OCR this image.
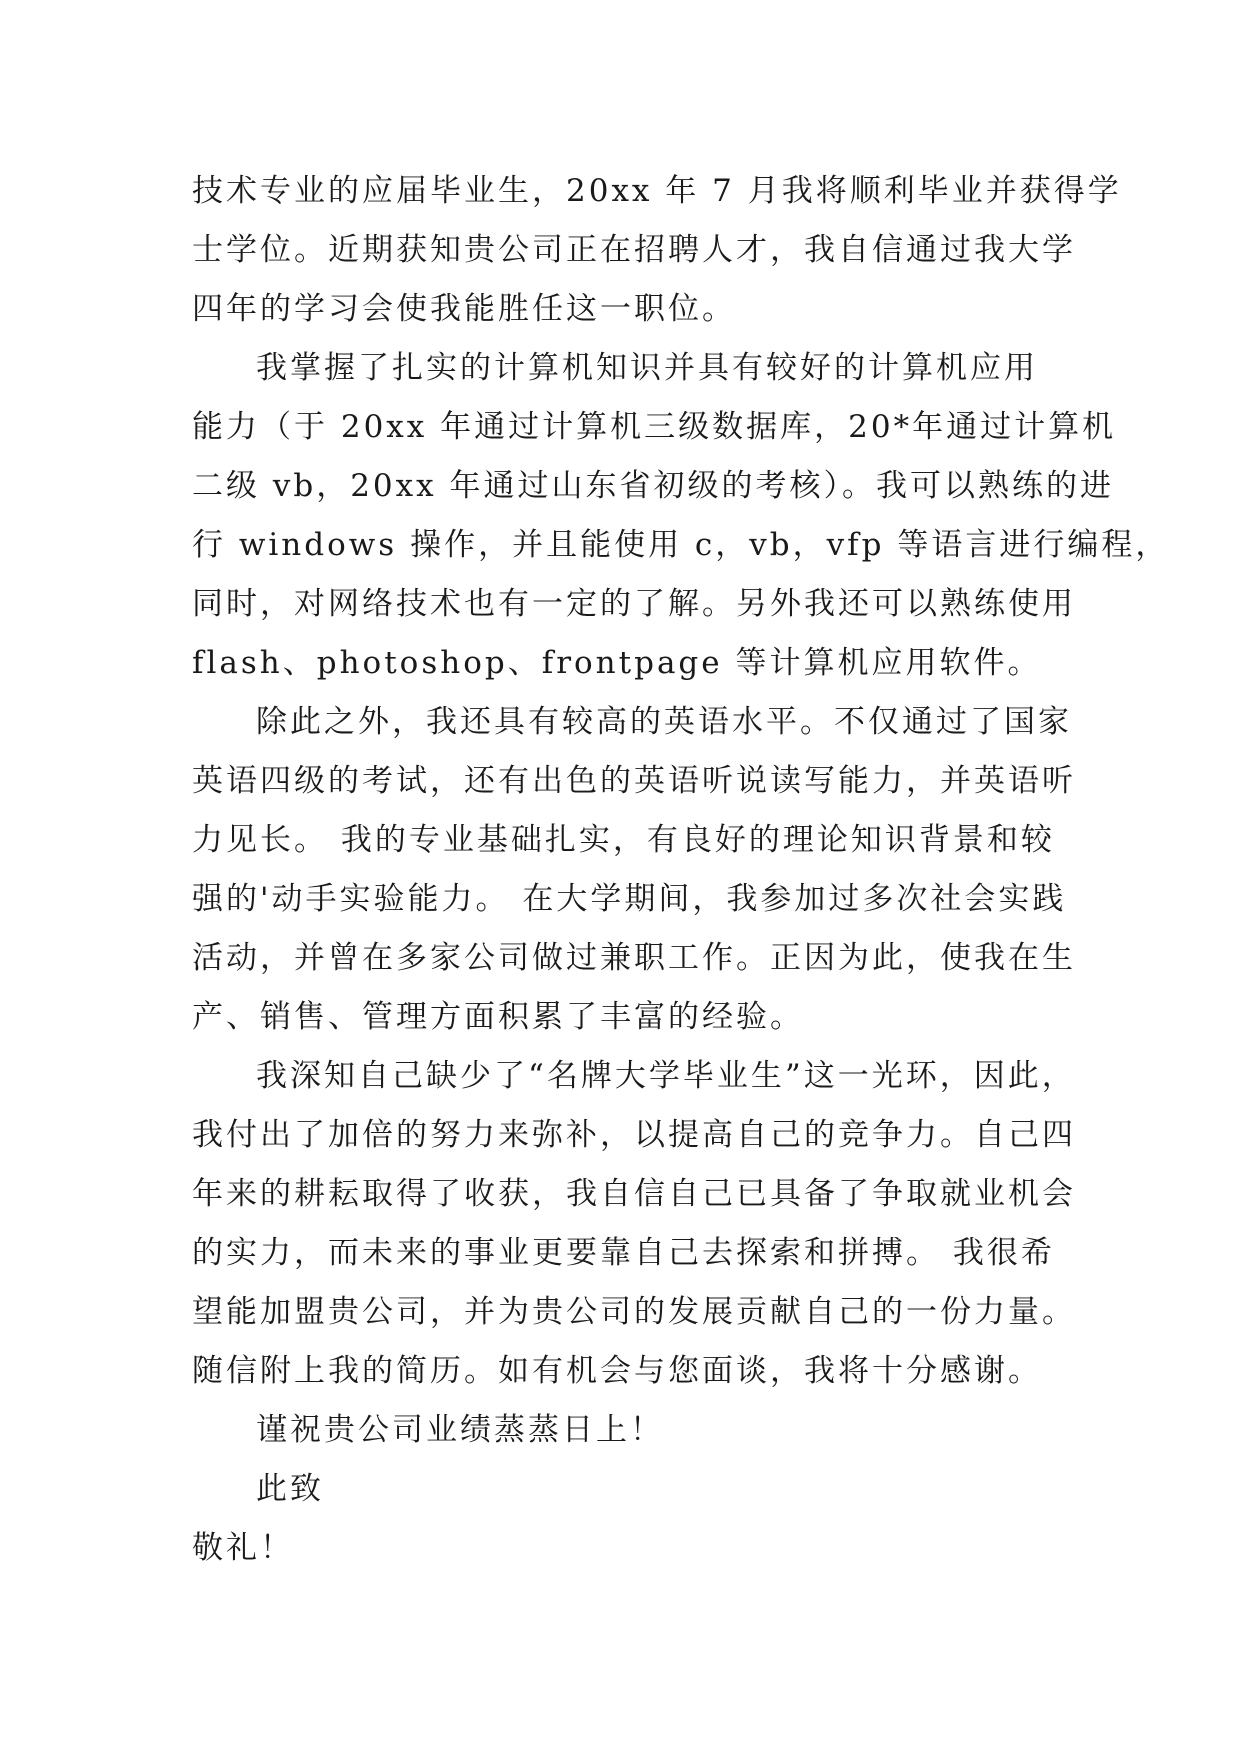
技术专业的应届毕业生，20xx 年 7 月我将顺利毕业并获得学
士学位。近期获知贵公司正在招聘人才，我自信通过我大学
四年的学习会使我能胜任这一职位。
我掌握了扎实的计算机知识并具有较好的计算机应用
能力（于 20xx 年通过计算机三级数据库，20*年通过计算机
二级 vb，20xx 年通过山东省初级的考核）。我可以熟练的进
行 windows 操作，并且能使用 c，vb，vfp 等语言进行编程，
同时，对网络技术也有一定的了解。另外我还可以熟练使用
flash、photoshop、frontpage 等计算机应用软件。
除此之外，我还具有较高的英语水平。不仅通过了国家
英语四级的考试，还有出色的英语听说读写能力，并英语听
力见长。 我的专业基础扎实，有良好的理论知识背景和较
强的'动手实验能力。 在大学期间，我参加过多次社会实践
活动，并曾在多家公司做过兼职工作。正因为此，使我在生
产、销售、管理方面积累了丰富的经验。
我深知自己缺少了“名牌大学毕业生”这一光环，因此，
我付出了加倍的努力来弥补，以提高自己的竞争力。自己四
年来的耕耘取得了收获，我自信自己已具备了争取就业机会
的实力，而未来的事业更要靠自己去探索和拼搏。 我很希
望能加盟贵公司，并为贵公司的发展贡献自己的一份力量。
随信附上我的简历。如有机会与您面谈，我将十分感谢。
谨祝贵公司业绩蒸蒸日上！
此致
敬礼！
